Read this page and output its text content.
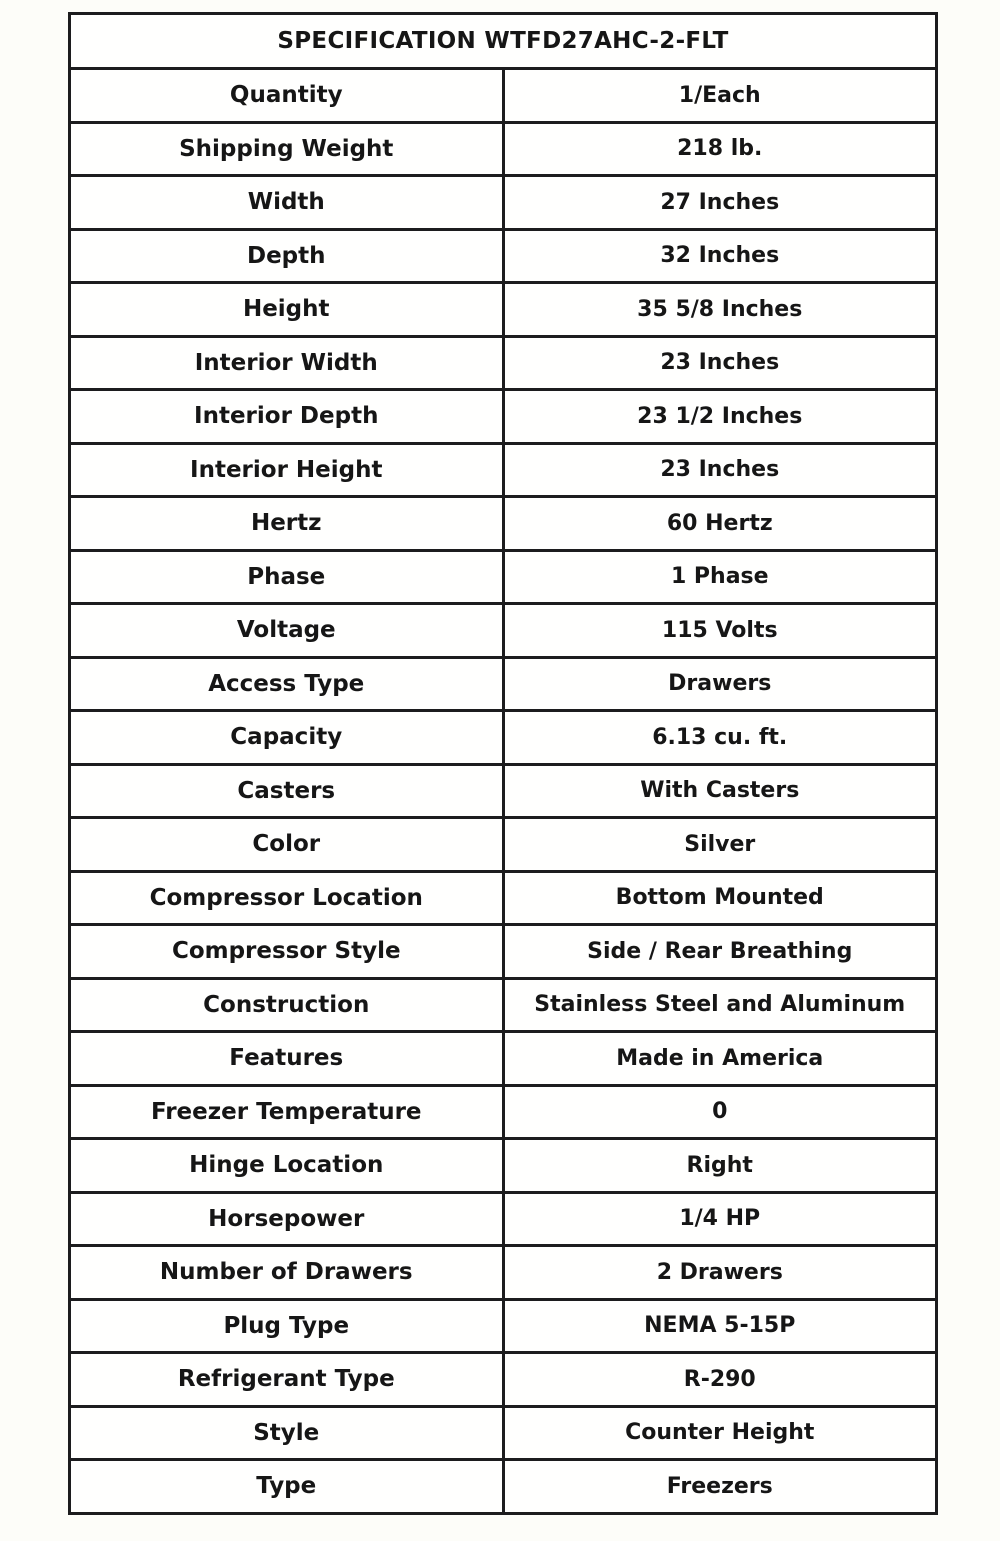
SPECIFICATION WTFD27AHC-2-FLT	
Quantity	1/Each
Shipping Weight	218 lb.
Width	27 Inches
Depth	32 Inches
Height	35 5/8 Inches
Interior Width	23 Inches
Interior Depth	23 1/2 Inches
Interior Height	23 Inches
Hertz	60 Hertz
Phase	1 Phase
Voltage	115 Volts
Access Type	Drawers
Capacity	6.13 cu. ft.
Casters	With Casters
Color	Silver
Compressor Location	Bottom Mounted
Compressor Style	Side / Rear Breathing
Construction	Stainless Steel and Aluminum
Features	Made in America
Freezer Temperature	0
Hinge Location	Right
Horsepower	1/4 HP
Number of Drawers	2 Drawers
Plug Type	NEMA 5-15P
Refrigerant Type	R-290
Style	Counter Height
Type	Freezers
